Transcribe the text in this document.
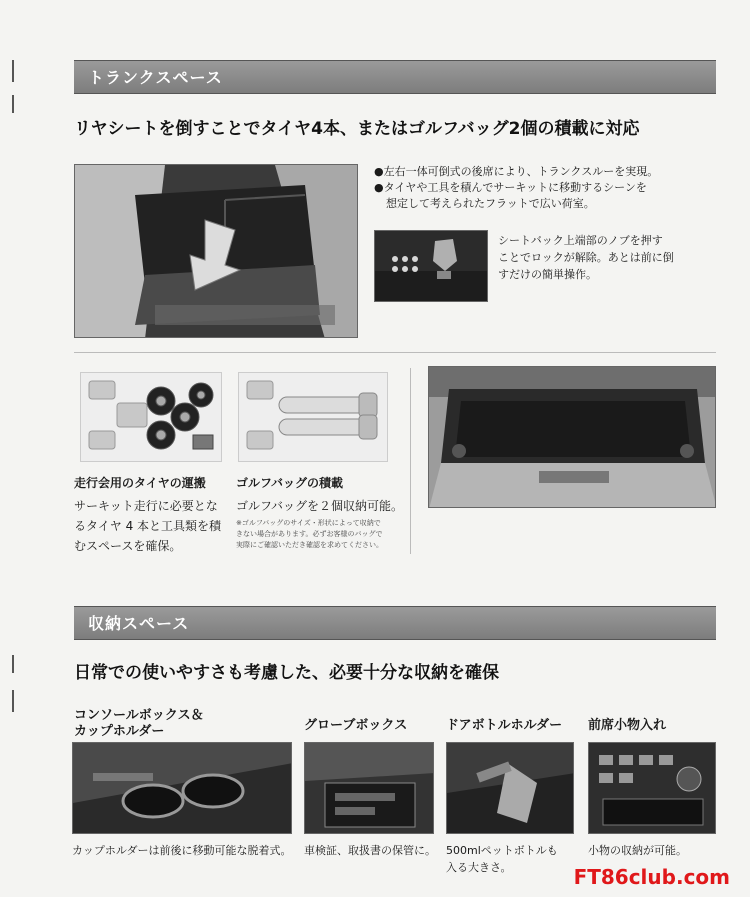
トランクスペース
リヤシートを倒すことでタイヤ4本、またはゴルフバッグ2個の積載に対応
●左右一体可倒式の後席により、トランクスルーを実現。
●タイヤや工具を積んでサーキットに移動するシーンを
想定して考えられたフラットで広い荷室。
シートバック上端部のノブを押す
ことでロックが解除。あとは前に倒
すだけの簡単操作。
走行会用のタイヤの運搬
サーキット走行に必要とな
るタイヤ 4 本と工具類を積
むスペースを確保。
ゴルフバッグの積載
ゴルフバッグを２個収納可能。
※ゴルフバッグのサイズ・形状によって収納で
きない場合があります。必ずお客様のバッグで
実際にご確認いただき確認を求めてください。
収納スペース
日常での使いやすさも考慮した、必要十分な収納を確保
コンソールボックス＆
カップホルダー	グローブボックス	ドアボトルホルダー 前席小物入れ
カップホルダーは前後に移動可能な脱着式。 車検証、取扱書の保管に。 500mlペットボトルも
入る大きさ。
小物の収納が可能。
FT86club.com
